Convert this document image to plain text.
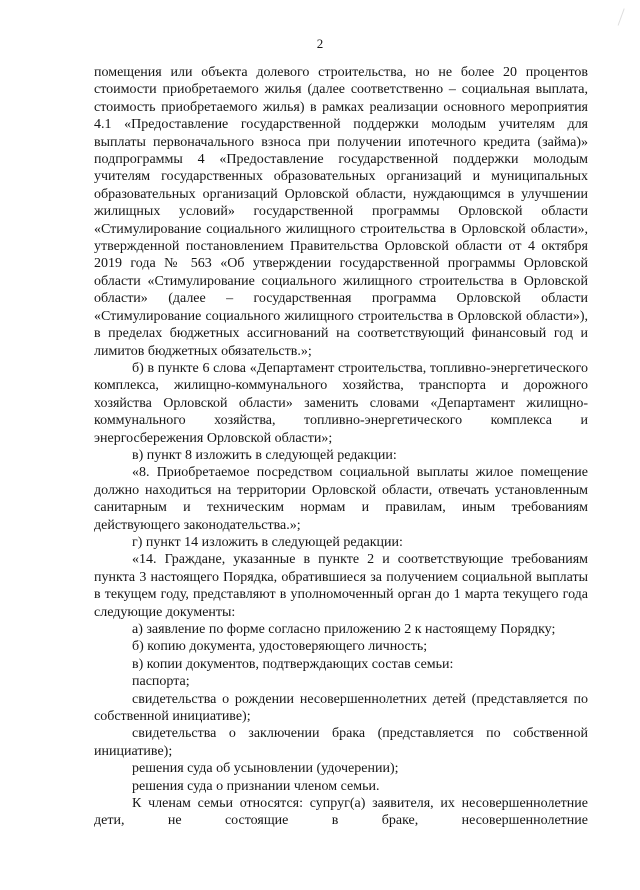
2

помещения или объекта долевого строительства, но не более 20 процентов стоимости приобретаемого жилья (далее соответственно – социальная выплата, стоимость приобретаемого жилья) в рамках реализации основного мероприятия 4.1 «Предоставление государственной поддержки молодым учителям для выплаты первоначального взноса при получении ипотечного кредита (займа)» подпрограммы 4 «Предоставление государственной поддержки молодым учителям государственных образовательных организаций и муниципальных образовательных организаций Орловской области, нуждающимся в улучшении жилищных условий» государственной программы Орловской области «Стимулирование социального жилищного строительства в Орловской области», утвержденной постановлением Правительства Орловской области от 4 октября 2019 года № 563 «Об утверждении государственной программы Орловской области «Стимулирование социального жилищного строительства в Орловской области» (далее – государственная программа Орловской области «Стимулирование социального жилищного строительства в Орловской области»), в пределах бюджетных ассигнований на соответствующий финансовый год и лимитов бюджетных обязательств.»;

б) в пункте 6 слова «Департамент строительства, топливно-энергетического комплекса, жилищно-коммунального хозяйства, транспорта и дорожного хозяйства Орловской области» заменить словами «Департамент жилищно-коммунального хозяйства, топливно-энергетического комплекса и энергосбережения Орловской области»;

в) пункт 8 изложить в следующей редакции:

«8. Приобретаемое посредством социальной выплаты жилое помещение должно находиться на территории Орловской области, отвечать установленным санитарным и техническим нормам и правилам, иным требованиям действующего законодательства.»;

г) пункт 14 изложить в следующей редакции:

«14. Граждане, указанные в пункте 2 и соответствующие требованиям пункта 3 настоящего Порядка, обратившиеся за получением социальной выплаты в текущем году, представляют в уполномоченный орган до 1 марта текущего года следующие документы:

а) заявление по форме согласно приложению 2 к настоящему Порядку;

б) копию документа, удостоверяющего личность;

в) копии документов, подтверждающих состав семьи:

паспорта;

свидетельства о рождении несовершеннолетних детей (представляется по собственной инициативе);

свидетельства о заключении брака (представляется по собственной инициативе);

решения суда об усыновлении (удочерении);

решения суда о признании членом семьи.

К членам семьи относятся: супруг(а) заявителя, их несовершеннолетние дети, не состоящие в браке, несовершеннолетние
